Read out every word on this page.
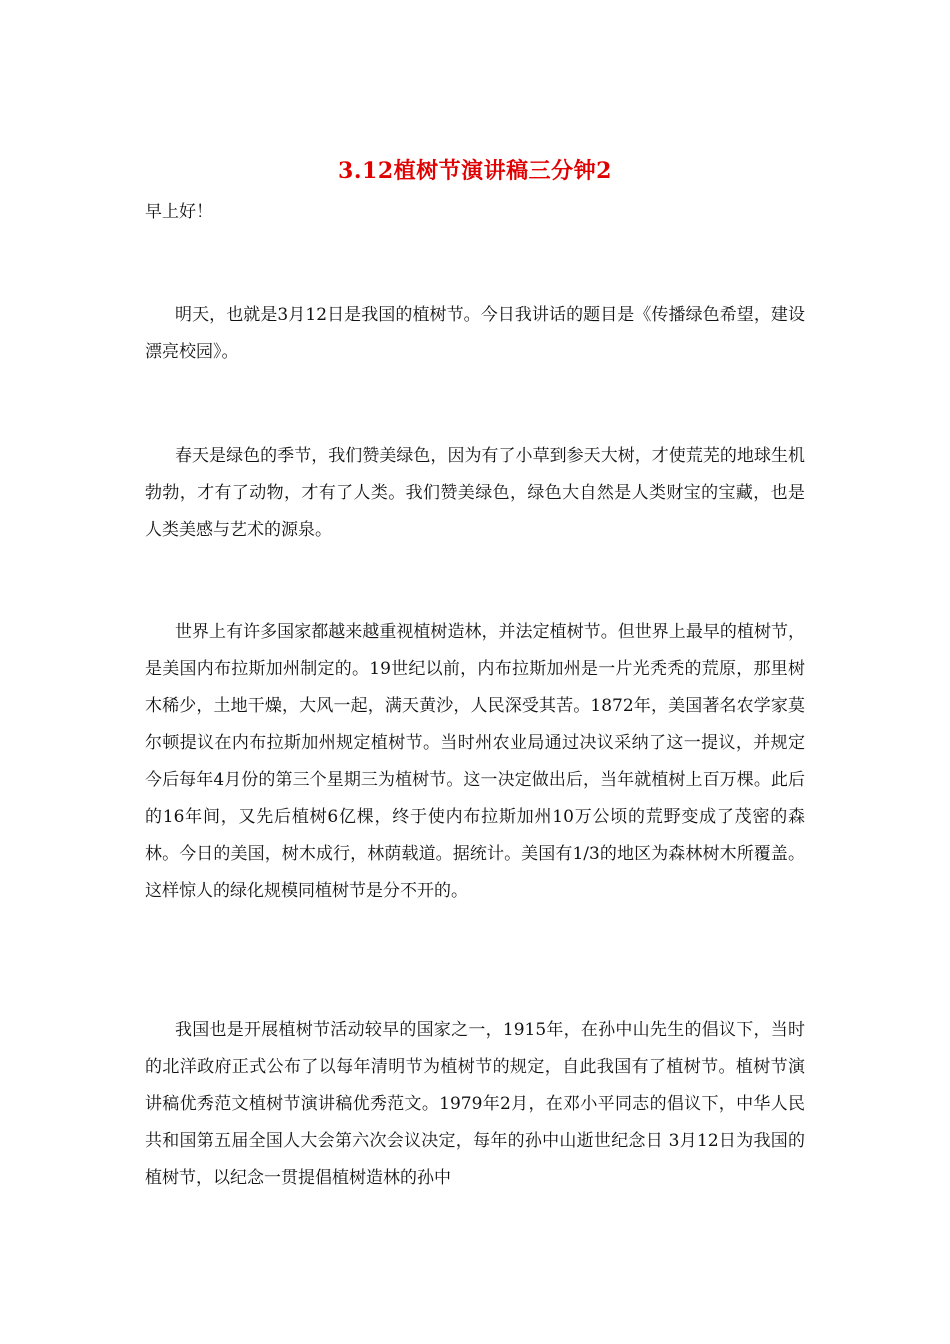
3.12植树节演讲稿三分钟2
早上好！
明天，也就是3月12日是我国的植树节。今日我讲话的题目是《传播绿色希望，建设漂亮校园》。
春天是绿色的季节，我们赞美绿色，因为有了小草到参天大树，才使荒芜的地球生机勃勃，才有了动物，才有了人类。我们赞美绿色，绿色大自然是人类财宝的宝藏，也是人类美感与艺术的源泉。
世界上有许多国家都越来越重视植树造林，并法定植树节。但世界上最早的植树节，是美国内布拉斯加州制定的。19世纪以前，内布拉斯加州是一片光秃秃的荒原，那里树木稀少，土地干燥，大风一起，满天黄沙，人民深受其苦。1872年，美国著名农学家莫尔顿提议在内布拉斯加州规定植树节。当时州农业局通过决议采纳了这一提议，并规定今后每年4月份的第三个星期三为植树节。这一决定做出后，当年就植树上百万棵。此后的16年间，又先后植树6亿棵，终于使内布拉斯加州10万公顷的荒野变成了茂密的森林。今日的美国，树木成行，林荫载道。据统计。美国有1/3的地区为森林树木所覆盖。这样惊人的绿化规模同植树节是分不开的。
我国也是开展植树节活动较早的国家之一，1915年，在孙中山先生的倡议下，当时的北洋政府正式公布了以每年清明节为植树节的规定，自此我国有了植树节。植树节演讲稿优秀范文植树节演讲稿优秀范文。1979年2月，在邓小平同志的倡议下，中华人民共和国第五届全国人大会第六次会议决定，每年的孙中山逝世纪念日 3月12日为我国的植树节，以纪念一贯提倡植树造林的孙中
